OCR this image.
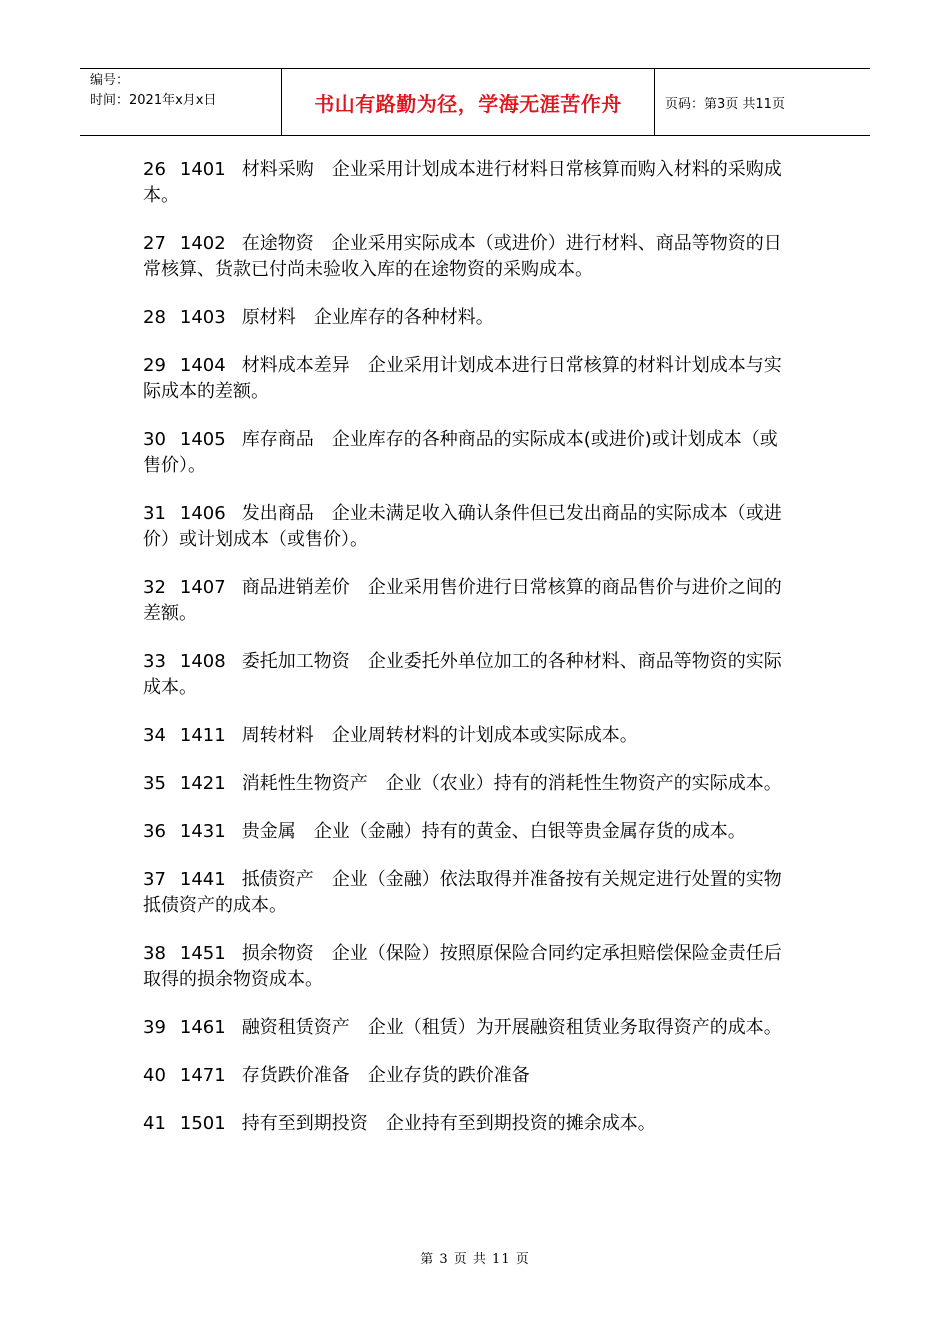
编号：
时间：2021年x月x日	书山有路勤为径，学海无涯苦作舟	页码：第3页 共11页
26 1401 材料采购 企业采用计划成本进行材料日常核算而购入材料的采购成本。
27 1402 在途物资 企业采用实际成本（或进价）进行材料、商品等物资的日常核算、货款已付尚未验收入库的在途物资的采购成本。
28 1403 原材料 企业库存的各种材料。
29 1404 材料成本差异 企业采用计划成本进行日常核算的材料计划成本与实际成本的差额。
30 1405 库存商品 企业库存的各种商品的实际成本(或进价)或计划成本（或售价）。
31 1406 发出商品 企业未满足收入确认条件但已发出商品的实际成本（或进价）或计划成本（或售价）。
32 1407 商品进销差价 企业采用售价进行日常核算的商品售价与进价之间的差额。
33 1408 委托加工物资 企业委托外单位加工的各种材料、商品等物资的实际成本。
34 1411 周转材料 企业周转材料的计划成本或实际成本。
35 1421 消耗性生物资产 企业（农业）持有的消耗性生物资产的实际成本。
36 1431 贵金属 企业（金融）持有的黄金、白银等贵金属存货的成本。
37 1441 抵债资产 企业（金融）依法取得并准备按有关规定进行处置的实物抵债资产的成本。
38 1451 损余物资 企业（保险）按照原保险合同约定承担赔偿保险金责任后取得的损余物资成本。
39 1461 融资租赁资产 企业（租赁）为开展融资租赁业务取得资产的成本。
40 1471 存货跌价准备 企业存货的跌价准备
41 1501 持有至到期投资 企业持有至到期投资的摊余成本。
第 3 页 共 11 页
